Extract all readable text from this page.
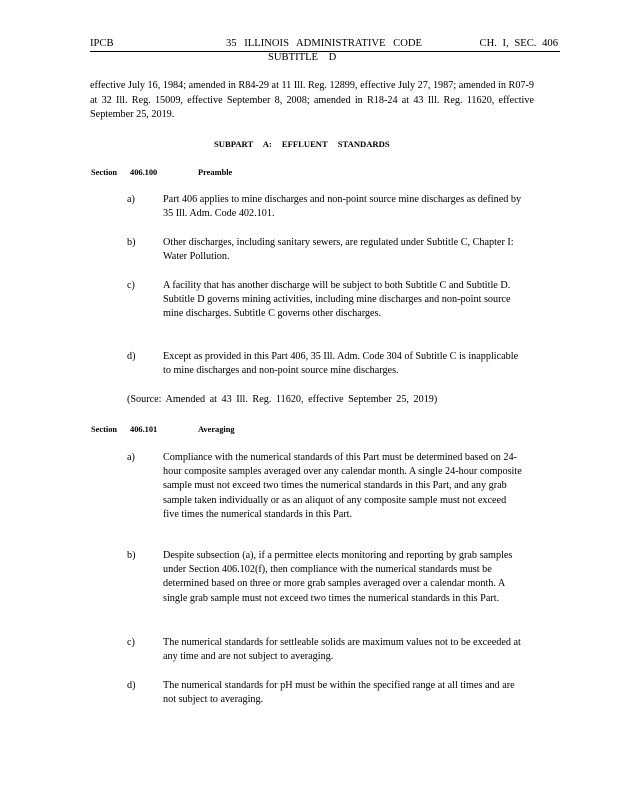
IPCB	35 ILLINOIS ADMINISTRATIVE CODE	CH. I, SEC. 406
SUBTITLE D
effective July 16, 1984; amended in R84-29 at 11 Ill. Reg. 12899, effective July 27, 1987; amended in R07-9 at 32 Ill. Reg. 15009, effective September 8, 2008; amended in R18-24 at 43 Ill. Reg. 11620, effective September 25, 2019.
SUBPART A: EFFLUENT STANDARDS
Section 406.100	Preamble
a)	Part 406 applies to mine discharges and non-point source mine discharges as defined by 35 Ill. Adm. Code 402.101.
b)	Other discharges, including sanitary sewers, are regulated under Subtitle C, Chapter I: Water Pollution.
c)	A facility that has another discharge will be subject to both Subtitle C and Subtitle D. Subtitle D governs mining activities, including mine discharges and non-point source mine discharges. Subtitle C governs other discharges.
d)	Except as provided in this Part 406, 35 Ill. Adm. Code 304 of Subtitle C is inapplicable to mine discharges and non-point source mine discharges.
(Source: Amended at 43 Ill. Reg. 11620, effective September 25, 2019)
Section 406.101	Averaging
a)	Compliance with the numerical standards of this Part must be determined based on 24-hour composite samples averaged over any calendar month. A single 24-hour composite sample must not exceed two times the numerical standards in this Part, and any grab sample taken individually or as an aliquot of any composite sample must not exceed five times the numerical standards in this Part.
b)	Despite subsection (a), if a permittee elects monitoring and reporting by grab samples under Section 406.102(f), then compliance with the numerical standards must be determined based on three or more grab samples averaged over a calendar month. A single grab sample must not exceed two times the numerical standards in this Part.
c)	The numerical standards for settleable solids are maximum values not to be exceeded at any time and are not subject to averaging.
d)	The numerical standards for pH must be within the specified range at all times and are not subject to averaging.
